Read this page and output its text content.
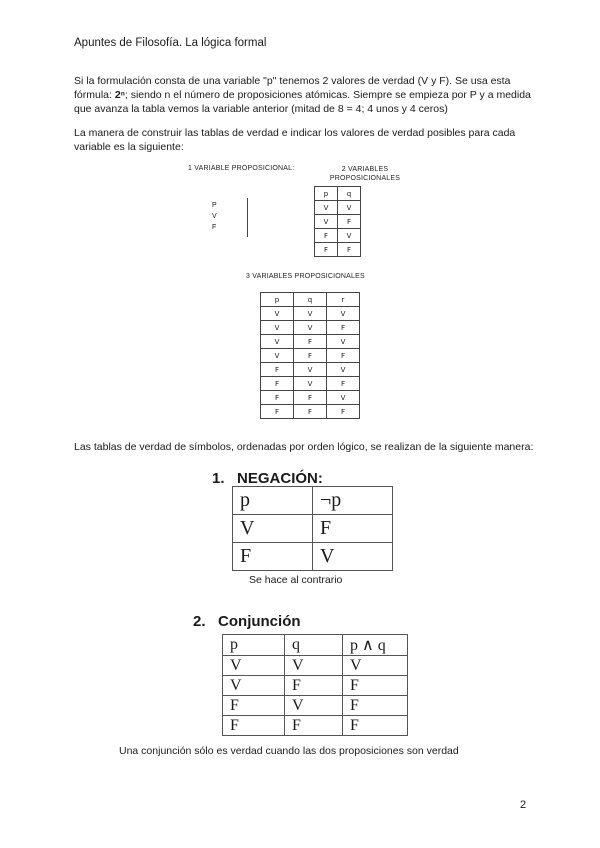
Apuntes de Filosofía. La lógica formal
Si la formulación consta de una variable "p" tenemos 2 valores de verdad (V y F). Se usa esta fórmula: 2ⁿ; siendo n el número de proposiciones atómicas. Siempre se empieza por P y a medida que avanza la tabla vemos la variable anterior (mitad de 8 = 4; 4 unos y 4 ceros)
La manera de construir las tablas de verdad e indicar los valores de verdad posibles para cada variable es la siguiente:
1 VARIABLE PROPOSICIONAL:
P
V
F
2 VARIABLES
PROPOSICIONALES
p	q
V	V
V	F
F	V
F	F
3 VARIABLES PROPOSICIONALES
p	q	r
V	V	V
V	V	F
V	F	V
V	F	F
F	V	V
F	V	F
F	F	V
F	F	F
Las tablas de verdad de símbolos, ordenadas por orden lógico, se realizan de la siguiente manera:
1. NEGACIÓN:
p	¬p
V	F
F	V
Se hace al contrario
2. Conjunción
p	q	p ∧ q
V	V	V
V	F	F
F	V	F
F	F	F
Una conjunción sólo es verdad cuando las dos proposiciones son verdad
2
